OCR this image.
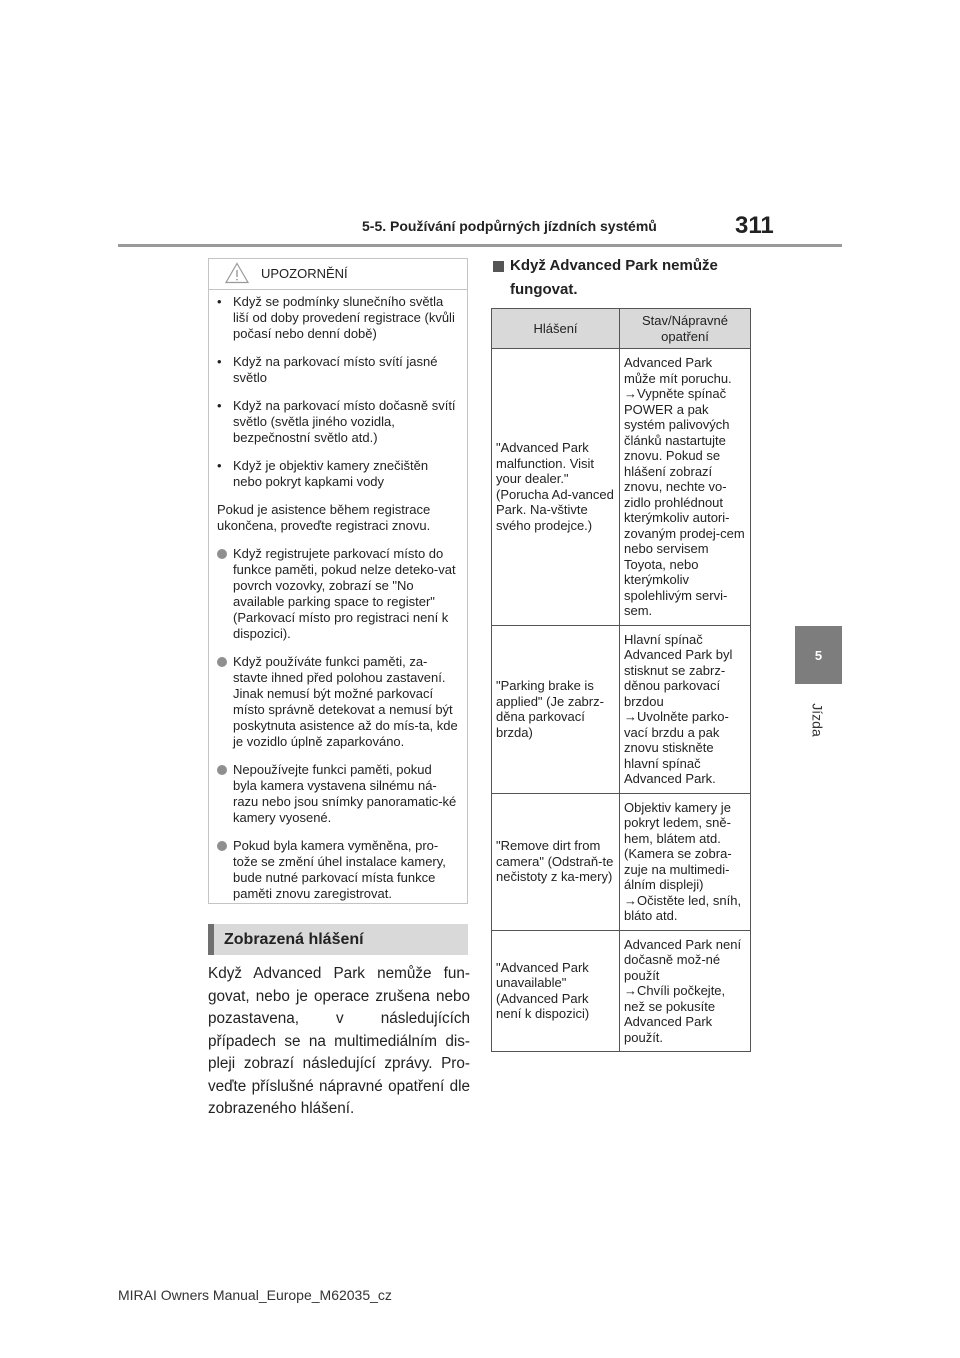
5-5. Používání podpůrných jízdních systémů	311
5
Jízda
UPOZORNĚNÍ
• Když se podmínky slunečního světla liší od doby provedení registrace (kvůli počasí nebo denní době)
• Když na parkovací místo svítí jasné světlo
• Když na parkovací místo dočasně svítí světlo (světla jiného vozidla, bezpečnostní světlo atd.)
• Když je objektiv kamery znečištěn nebo pokryt kapkami vody
Pokud je asistence během registrace ukončena, proveďte registraci znovu.
Když registrujete parkovací místo do funkce paměti, pokud nelze deteko-vat povrch vozovky, zobrazí se "No available parking space to register" (Parkovací místo pro registraci není k dispozici).
Když používáte funkci paměti, za-stavte ihned před polohou zastavení. Jinak nemusí být možné parkovací místo správně detekovat a nemusí být poskytnuta asistence až do mís-ta, kde je vozidlo úplně zaparkováno.
Nepoužívejte funkci paměti, pokud byla kamera vystavena silnému ná-razu nebo jsou snímky panoramatic-ké kamery vyosené.
Pokud byla kamera vyměněna, pro-tože se změní úhel instalace kamery, bude nutné parkovací místa funkce paměti znovu zaregistrovat.
Zobrazená hlášení
Když Advanced Park nemůže fun-govat, nebo je operace zrušena nebo pozastavena, v následujících případech se na multimediálním dis-pleji zobrazí následující zprávy. Pro-veďte příslušné nápravné opatření dle zobrazeného hlášení.
Když Advanced Park nemůže fungovat.
Hlášení	Stav/Nápravné opatření
"Advanced Park malfunction. Visit your dealer." (Porucha Ad-vanced Park. Na-vštivte svého prodejce.)	Advanced Park může mít poruchu.

→Vypněte spínač POWER a pak systém palivových článků nastartujte znovu. Pokud se hlášení zobrazí znovu, nechte vo-zidlo prohlédnout kterýmkoliv autori-zovaným prodej-cem nebo servisem Toyota, nebo kterýmkoliv spolehlivým servi-sem.

"Parking brake is applied" (Je zabrz-děna parkovací brzda)	Hlavní spínač Advanced Park byl stisknut se zabrz-děnou parkovací brzdou

→Uvolněte parko-vací brzdu a pak znovu stiskněte hlavní spínač Advanced Park.

"Remove dirt from camera" (Odstraň-te nečistoty z ka-mery)	Objektiv kamery je pokryt ledem, sně-hem, blátem atd. (Kamera se zobra-zuje na multimedi-álním displeji)

→Očistěte led, sníh, bláto atd.

"Advanced Park unavailable" (Advanced Park není k dispozici)	Advanced Park není dočasně mož-né použít

→Chvíli počkejte, než se pokusíte Advanced Park použít.

MIRAI Owners Manual_Europe_M62035_cz
